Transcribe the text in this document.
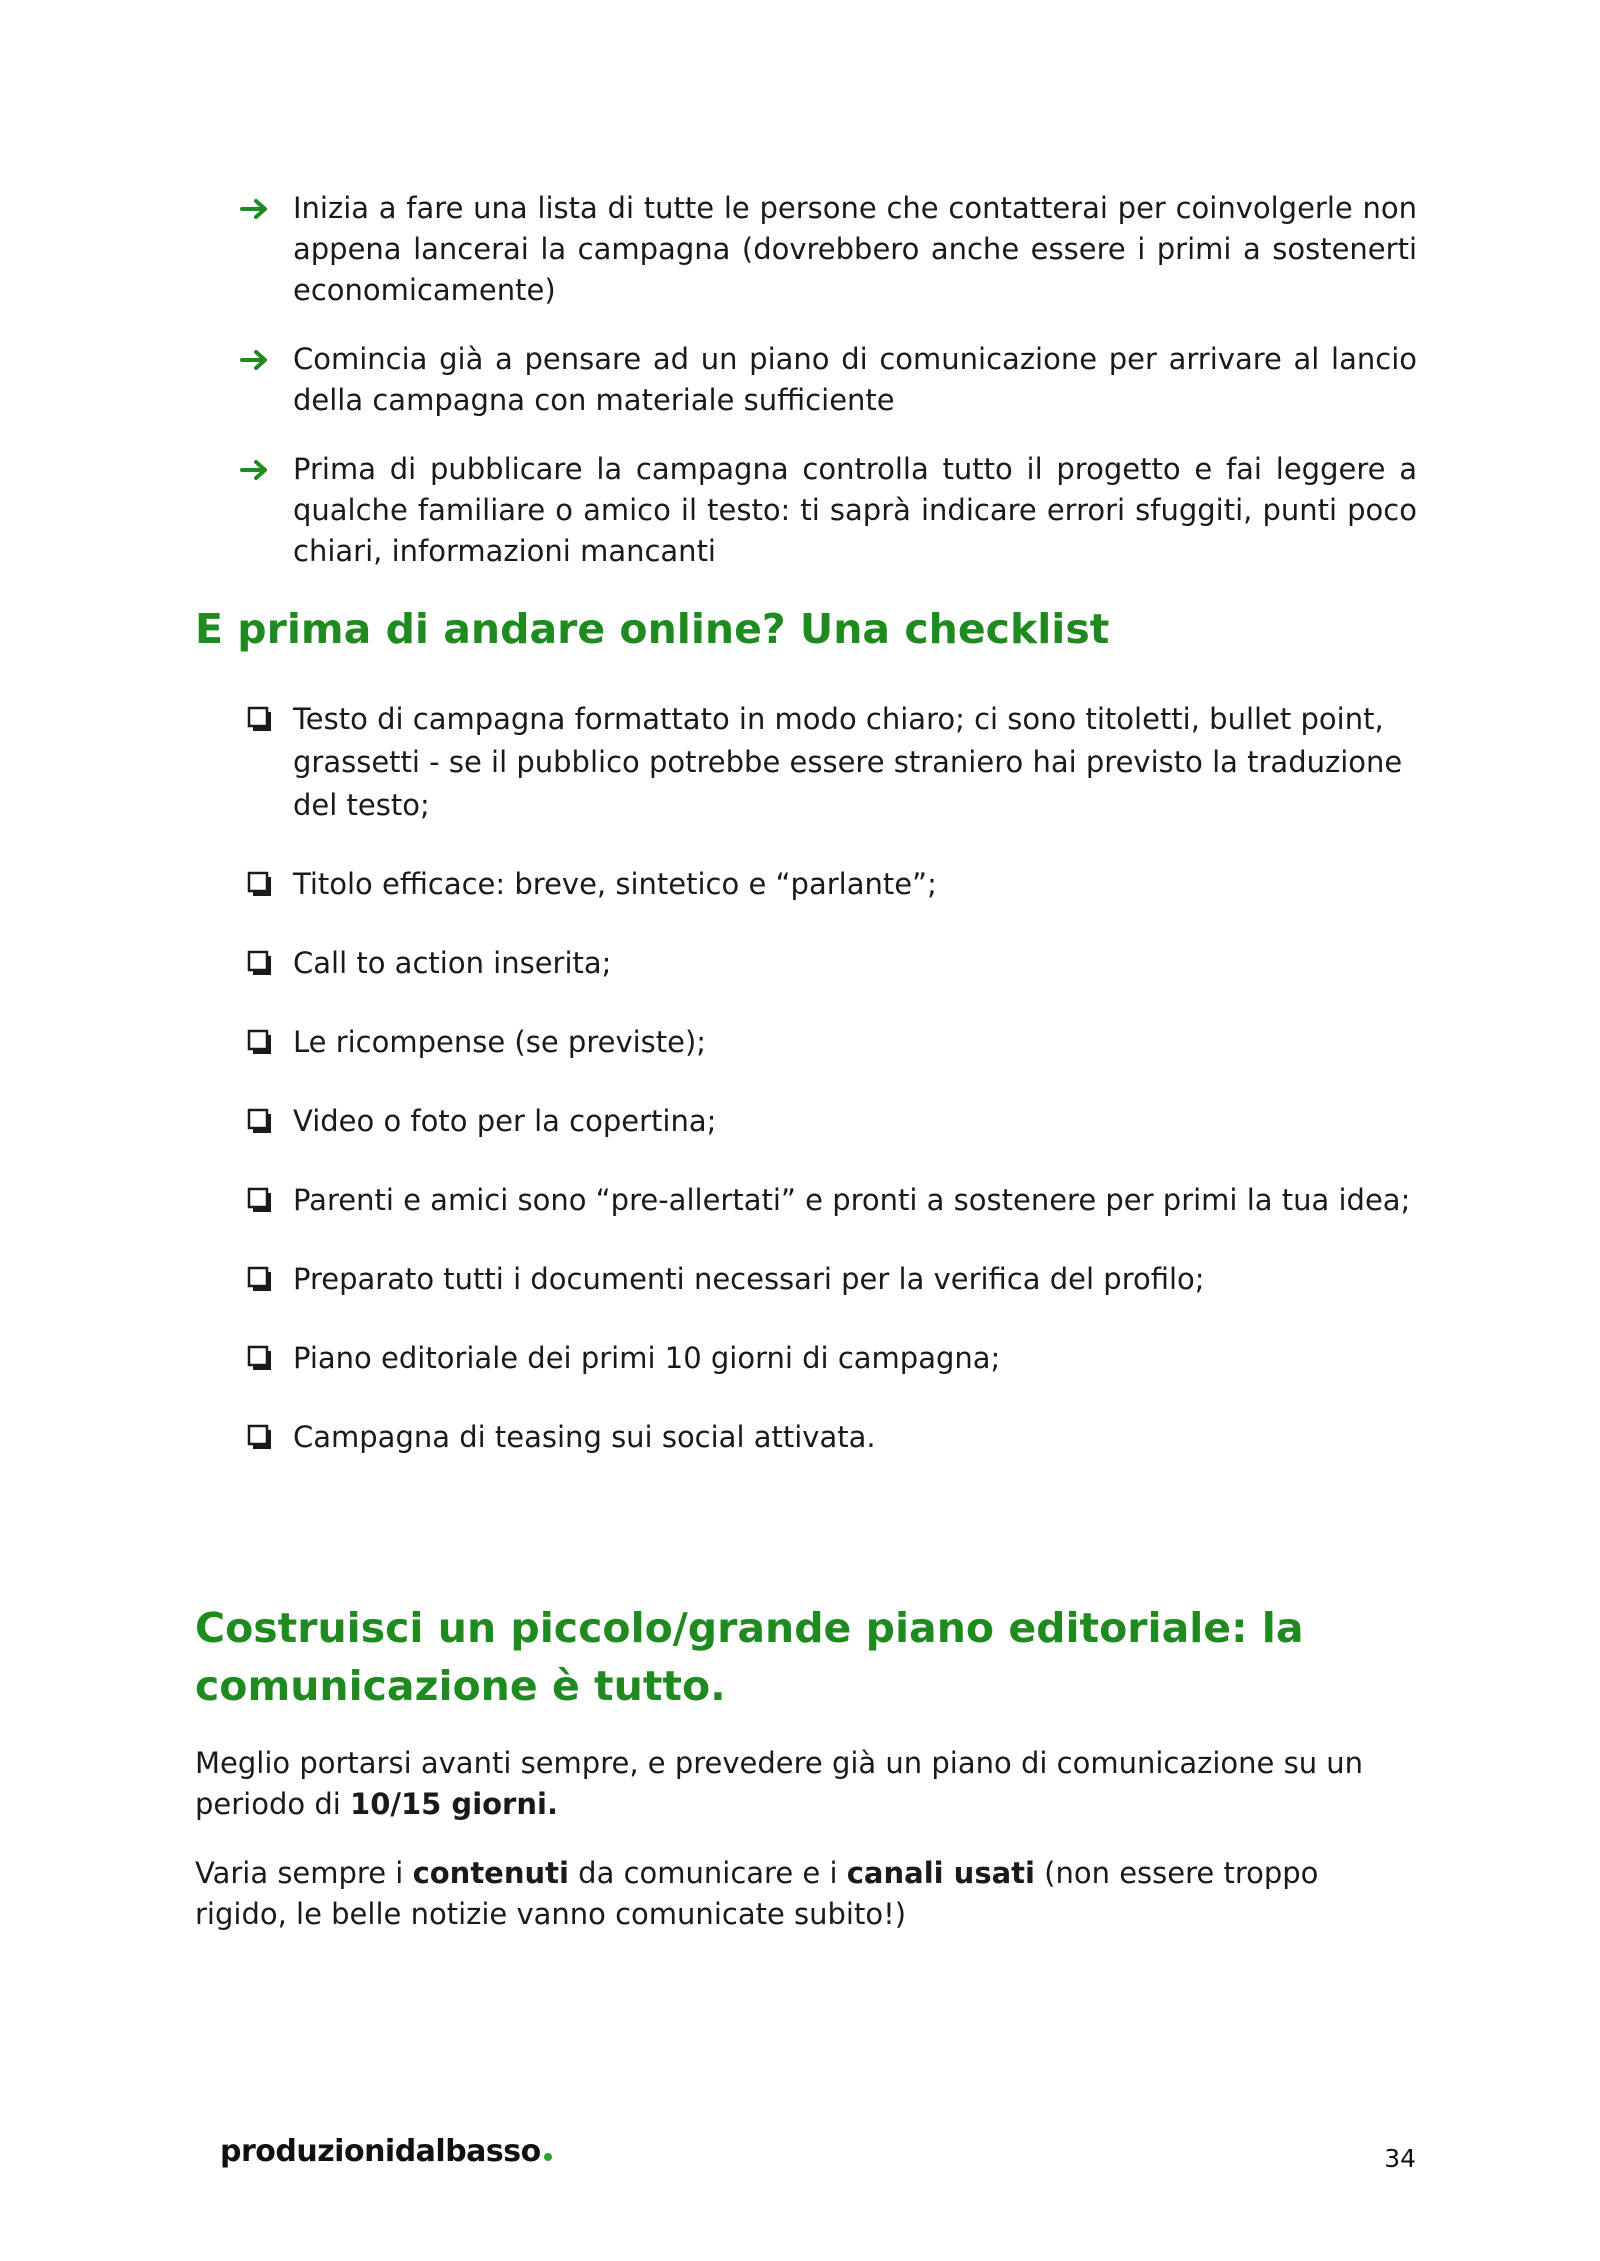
Inizia a fare una lista di tutte le persone che contatterai per coinvolgerle non appena lancerai la campagna (dovrebbero anche essere i primi a sostenerti economicamente)
Comincia già a pensare ad un piano di comunicazione per arrivare al lancio della campagna con materiale sufficiente
Prima di pubblicare la campagna controlla tutto il progetto e fai leggere a qualche familiare o amico il testo: ti saprà indicare errori sfuggiti, punti poco chiari, informazioni mancanti
E prima di andare online? Una checklist
Testo di campagna formattato in modo chiaro; ci sono titoletti, bullet point, grassetti - se il pubblico potrebbe essere straniero hai previsto la traduzione del testo;
Titolo efficace: breve, sintetico e “parlante”;
Call to action inserita;
Le ricompense (se previste);
Video o foto per la copertina;
Parenti e amici sono “pre-allertati” e pronti a sostenere per primi la tua idea;
Preparato tutti i documenti necessari per la verifica del profilo;
Piano editoriale dei primi 10 giorni di campagna;
Campagna di teasing sui social attivata.
Costruisci un piccolo/grande piano editoriale: la comunicazione è tutto.

Meglio portarsi avanti sempre, e prevedere già un piano di comunicazione su un periodo di 10/15 giorni.

Varia sempre i contenuti da comunicare e i canali usati (non essere troppo rigido, le belle notizie vanno comunicate subito!)

produzionidalbasso	34
